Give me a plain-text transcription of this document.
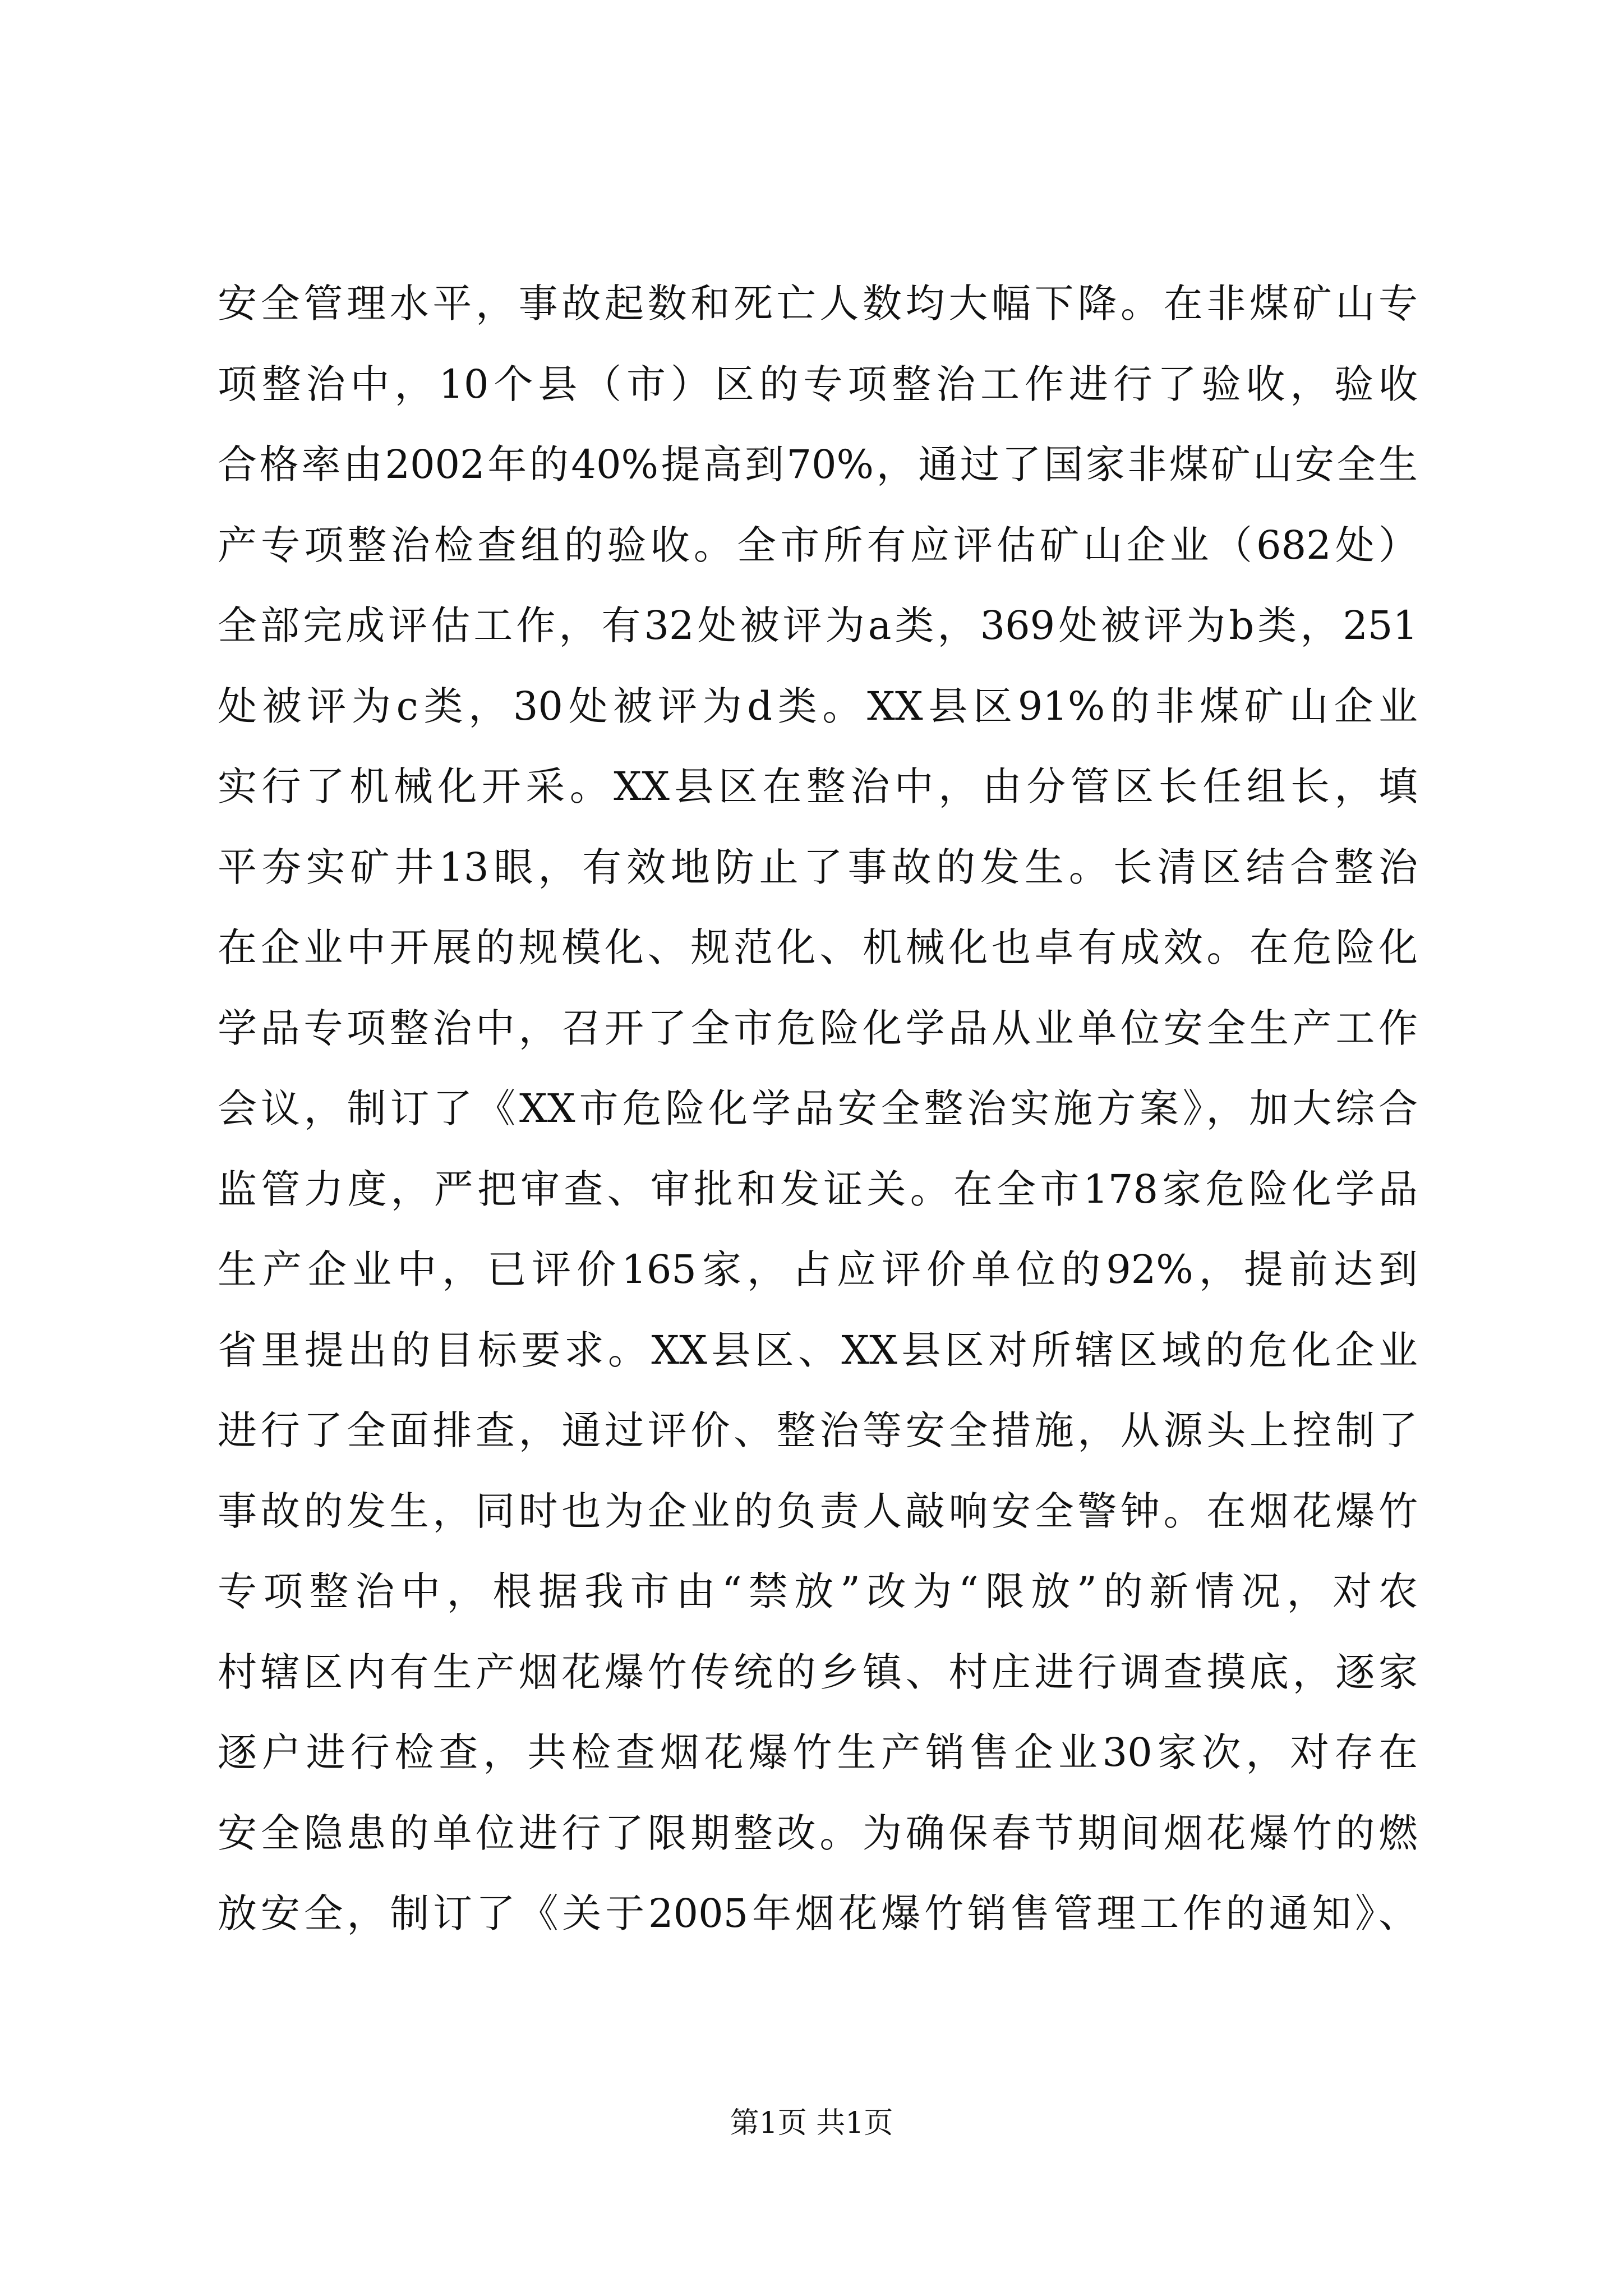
安全管理水平，事故起数和死亡人数均大幅下降。在非煤矿山专
项整治中，10个县（市）区的专项整治工作进行了验收，验收
合格率由2002年的40%提高到70%，通过了国家非煤矿山安全生
产专项整治检查组的验收。全市所有应评估矿山企业（682处）
全部完成评估工作，有32处被评为a类，369处被评为b类，251
处被评为c类，30处被评为d类。XX县区91%的非煤矿山企业
实行了机械化开采。XX县区在整治中，由分管区长任组长，填
平夯实矿井13眼，有效地防止了事故的发生。长清区结合整治
在企业中开展的规模化、规范化、机械化也卓有成效。在危险化
学品专项整治中，召开了全市危险化学品从业单位安全生产工作
会议，制订了《XX市危险化学品安全整治实施方案》，加大综合
监管力度，严把审查、审批和发证关。在全市178家危险化学品
生产企业中，已评价165家，占应评价单位的92%，提前达到
省里提出的目标要求。XX县区、XX县区对所辖区域的危化企业
进行了全面排查，通过评价、整治等安全措施，从源头上控制了
事故的发生，同时也为企业的负责人敲响安全警钟。在烟花爆竹
专项整治中，根据我市由“禁放”改为“限放”的新情况，对农
村辖区内有生产烟花爆竹传统的乡镇、村庄进行调查摸底，逐家
逐户进行检查，共检查烟花爆竹生产销售企业30家次，对存在
安全隐患的单位进行了限期整改。为确保春节期间烟花爆竹的燃
放安全，制订了《关于2005年烟花爆竹销售管理工作的通知》、
第1页 共1页
